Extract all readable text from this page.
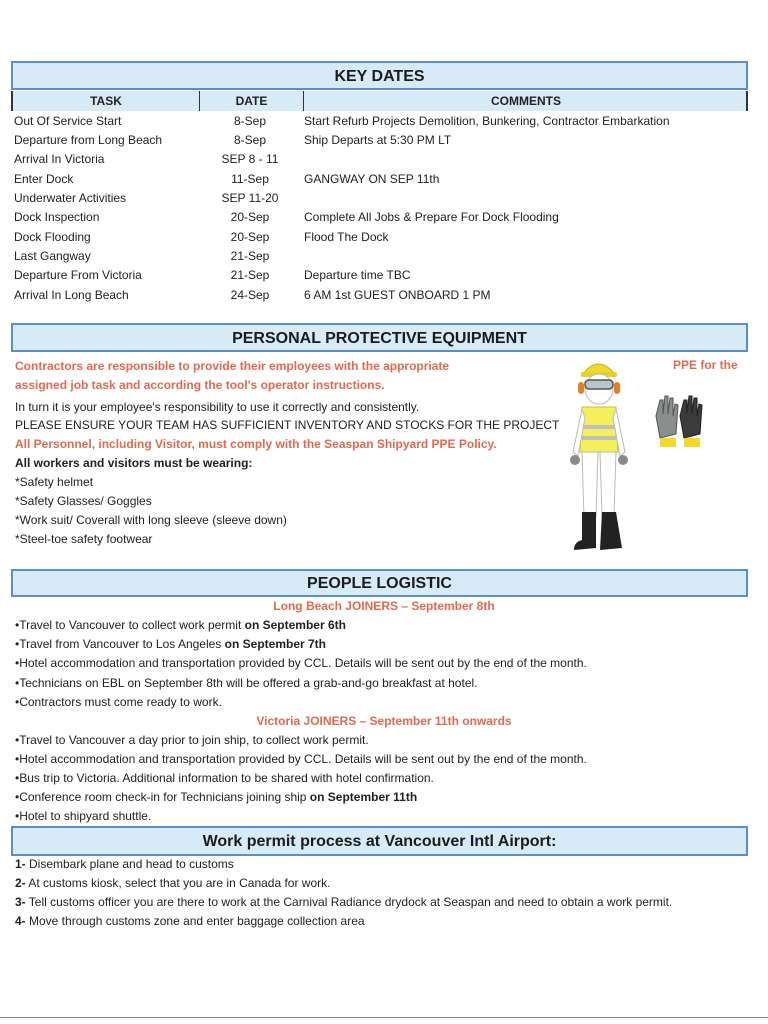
KEY DATES
TASK	DATE	COMMENTS
Out Of Service Start	8-Sep	Start Refurb Projects Demolition, Bunkering, Contractor Embarkation
Departure from Long Beach	8-Sep	Ship Departs at 5:30 PM LT
Arrival In Victoria	SEP 8 - 11
Enter Dock	11-Sep	GANGWAY ON SEP 11th
Underwater Activities	SEP 11-20
Dock Inspection	20-Sep	Complete All Jobs & Prepare For Dock Flooding
Dock Flooding	20-Sep	Flood The Dock
Last Gangway	21-Sep
Departure From Victoria	21-Sep	Departure time TBC
Arrival In Long Beach	24-Sep	6 AM 1st GUEST ONBOARD 1 PM
PERSONAL PROTECTIVE EQUIPMENT
Contractors are responsible to provide their employees with the appropriate
assigned job task and according the tool's operator instructions.
In turn it is your employee's responsibility to use it correctly and consistently.
PLEASE ENSURE YOUR TEAM HAS SUFFICIENT INVENTORY AND STOCKS FOR THE PROJECT
All Personnel, including Visitor, must comply with the Seaspan Shipyard PPE Policy.
All workers and visitors must be wearing:
*Safety helmet
*Safety Glasses/ Goggles
*Work suit/ Coverall with long sleeve (sleeve down)
*Steel-toe safety footwear
PPE for the
PEOPLE LOGISTIC
Long Beach JOINERS – September 8th
•Travel to Vancouver to collect work permit on September 6th
•Travel from Vancouver to Los Angeles on September 7th
•Hotel accommodation and transportation provided by CCL. Details will be sent out by the end of the month.
•Technicians on EBL on September 8th will be offered a grab-and-go breakfast at hotel.
•Contractors must come ready to work.
Victoria JOINERS – September 11th onwards
•Travel to Vancouver a day prior to join ship, to collect work permit.
•Hotel accommodation and transportation provided by CCL. Details will be sent out by the end of the month.
•Bus trip to Victoria. Additional information to be shared with hotel confirmation.
•Conference room check-in for Technicians joining ship on September 11th
•Hotel to shipyard shuttle.
Work permit process at Vancouver Intl Airport:
1- Disembark plane and head to customs
2- At customs kiosk, select that you are in Canada for work.
3- Tell customs officer you are there to work at the Carnival Radiance drydock at Seaspan and need to obtain a work permit.
4- Move through customs zone and enter baggage collection area
